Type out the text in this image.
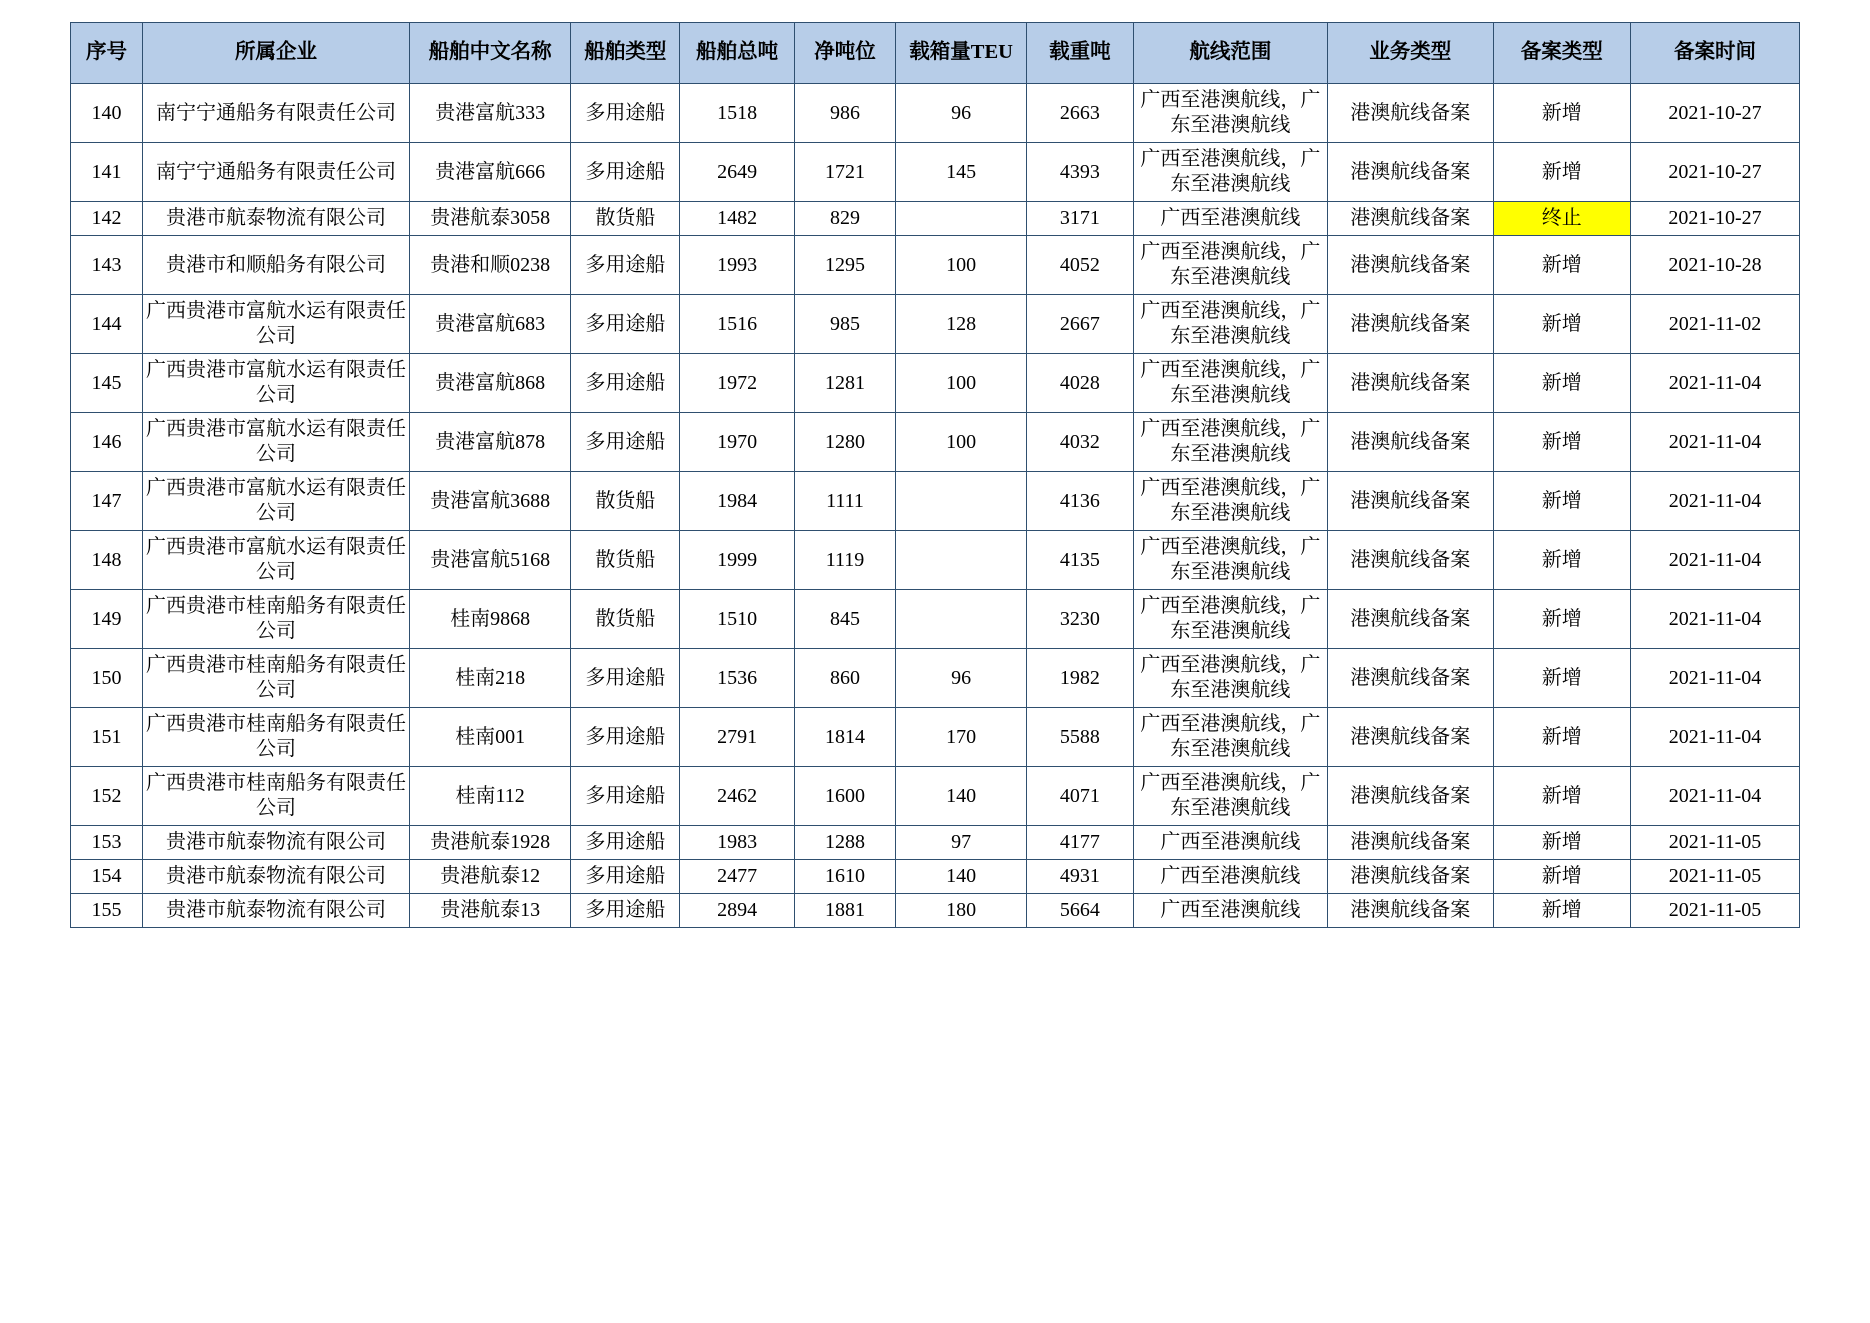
序号	所属企业	船舶中文名称	船舶类型	船舶总吨	净吨位	载箱量TEU	载重吨	航线范围	业务类型	备案类型	备案时间
140	南宁宁通船务有限责任公司	贵港富航333	多用途船	1518	986	96	2663	广西至港澳航线，广东至港澳航线	港澳航线备案	新增	2021-10-27
141	南宁宁通船务有限责任公司	贵港富航666	多用途船	2649	1721	145	4393	广西至港澳航线，广东至港澳航线	港澳航线备案	新增	2021-10-27
142	贵港市航泰物流有限公司	贵港航泰3058	散货船	1482	829		3171	广西至港澳航线	港澳航线备案	终止	2021-10-27
143	贵港市和顺船务有限公司	贵港和顺0238	多用途船	1993	1295	100	4052	广西至港澳航线，广东至港澳航线	港澳航线备案	新增	2021-10-28
144	广西贵港市富航水运有限责任公司	贵港富航683	多用途船	1516	985	128	2667	广西至港澳航线，广东至港澳航线	港澳航线备案	新增	2021-11-02
145	广西贵港市富航水运有限责任公司	贵港富航868	多用途船	1972	1281	100	4028	广西至港澳航线，广东至港澳航线	港澳航线备案	新增	2021-11-04
146	广西贵港市富航水运有限责任公司	贵港富航878	多用途船	1970	1280	100	4032	广西至港澳航线，广东至港澳航线	港澳航线备案	新增	2021-11-04
147	广西贵港市富航水运有限责任公司	贵港富航3688	散货船	1984	1111		4136	广西至港澳航线，广东至港澳航线	港澳航线备案	新增	2021-11-04
148	广西贵港市富航水运有限责任公司	贵港富航5168	散货船	1999	1119		4135	广西至港澳航线，广东至港澳航线	港澳航线备案	新增	2021-11-04
149	广西贵港市桂南船务有限责任公司	桂南9868	散货船	1510	845		3230	广西至港澳航线，广东至港澳航线	港澳航线备案	新增	2021-11-04
150	广西贵港市桂南船务有限责任公司	桂南218	多用途船	1536	860	96	1982	广西至港澳航线，广东至港澳航线	港澳航线备案	新增	2021-11-04
151	广西贵港市桂南船务有限责任公司	桂南001	多用途船	2791	1814	170	5588	广西至港澳航线，广东至港澳航线	港澳航线备案	新增	2021-11-04
152	广西贵港市桂南船务有限责任公司	桂南112	多用途船	2462	1600	140	4071	广西至港澳航线，广东至港澳航线	港澳航线备案	新增	2021-11-04
153	贵港市航泰物流有限公司	贵港航泰1928	多用途船	1983	1288	97	4177	广西至港澳航线	港澳航线备案	新增	2021-11-05
154	贵港市航泰物流有限公司	贵港航泰12	多用途船	2477	1610	140	4931	广西至港澳航线	港澳航线备案	新增	2021-11-05
155	贵港市航泰物流有限公司	贵港航泰13	多用途船	2894	1881	180	5664	广西至港澳航线	港澳航线备案	新增	2021-11-05
